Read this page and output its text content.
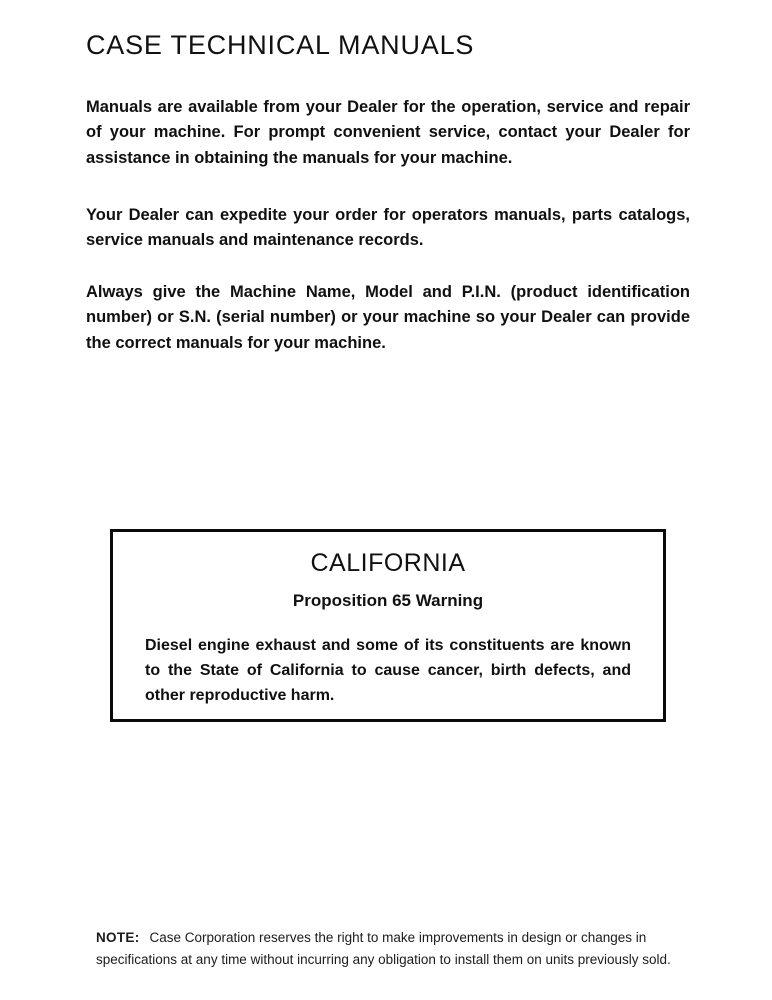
CASE TECHNICAL MANUALS

Manuals are available from your Dealer for the operation, service and repair of your machine. For prompt convenient service, contact your Dealer for assistance in obtaining the manuals for your machine.

Your Dealer can expedite your order for operators manuals, parts catalogs, service manuals and maintenance records.

Always give the Machine Name, Model and P.I.N. (product identification number) or S.N. (serial number) or your machine so your Dealer can provide the correct manuals for your machine.

CALIFORNIA
Proposition 65 Warning
Diesel engine exhaust and some of its constituents are known to the State of California to cause cancer, birth defects, and other reproductive harm.

NOTE: Case Corporation reserves the right to make improvements in design or changes in specifications at any time without incurring any obligation to install them on units previously sold.
